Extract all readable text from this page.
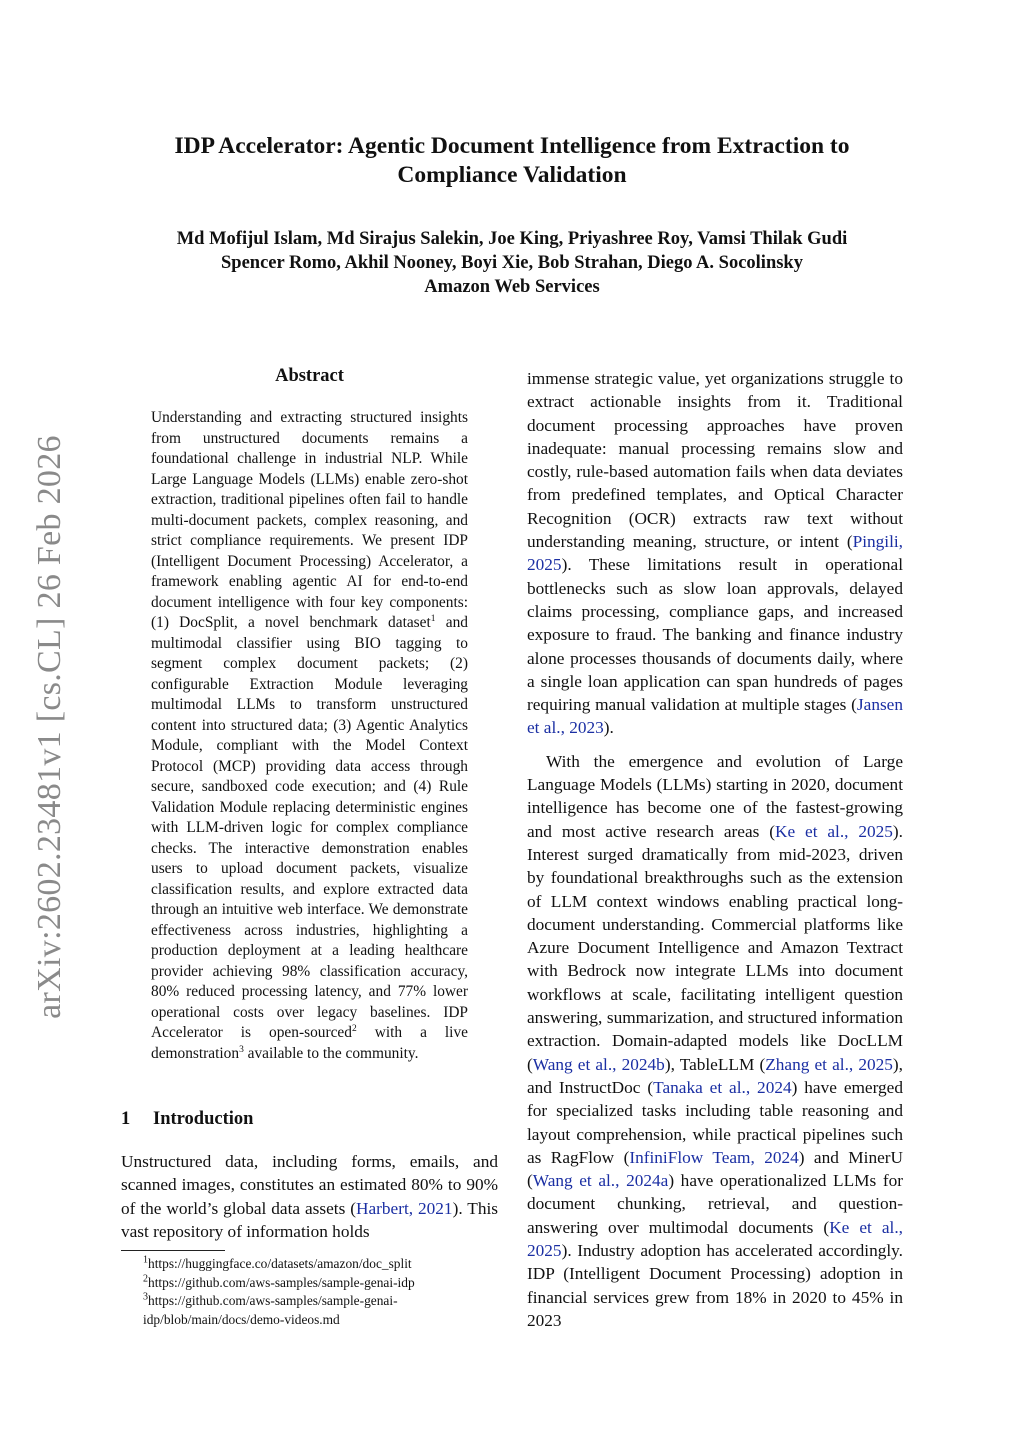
arXiv:2602.23481v1 [cs.CL] 26 Feb 2026
IDP Accelerator: Agentic Document Intelligence from Extraction to
Compliance Validation
Md Mofijul Islam, Md Sirajus Salekin, Joe King, Priyashree Roy, Vamsi Thilak Gudi
Spencer Romo, Akhil Nooney, Boyi Xie, Bob Strahan, Diego A. Socolinsky
Amazon Web Services
Abstract
Understanding and extracting structured insights from unstructured documents remains a foundational challenge in industrial NLP. While Large Language Models (LLMs) enable zero-shot extraction, traditional pipelines often fail to handle multi-document packets, complex reasoning, and strict compliance requirements. We present IDP (Intelligent Document Processing) Accelerator, a framework enabling agentic AI for end-to-end document intelligence with four key components: (1) DocSplit, a novel benchmark dataset$^1$ and multimodal classifier using BIO tagging to segment complex document packets; (2) configurable Extraction Module leveraging multimodal LLMs to transform unstructured content into structured data; (3) Agentic Analytics Module, compliant with the Model Context Protocol (MCP) providing data access through secure, sandboxed code execution; and (4) Rule Validation Module replacing deterministic engines with LLM-driven logic for complex compliance checks. The interactive demonstration enables users to upload document packets, visualize classification results, and explore extracted data through an intuitive web interface. We demonstrate effectiveness across industries, highlighting a production deployment at a leading healthcare provider achieving 98% classification accuracy, 80% reduced processing latency, and 77% lower operational costs over legacy baselines. IDP Accelerator is open-sourced$^2$ with a live demonstration$^3$ available to the community.
1 Introduction
Unstructured data, including forms, emails, and scanned images, constitutes an estimated 80% to 90% of the world’s global data assets (Harbert, 2021). This vast repository of information holds
$^1$https://huggingface.co/datasets/amazon/doc_split
$^2$https://github.com/aws-samples/sample-genai-idp
$^3$https://github.com/aws-samples/sample-genai-idp/blob/main/docs/demo-videos.md

immense strategic value, yet organizations struggle to extract actionable insights from it. Traditional document processing approaches have proven inadequate: manual processing remains slow and costly, rule-based automation fails when data deviates from predefined templates, and Optical Character Recognition (OCR) extracts raw text without understanding meaning, structure, or intent (Pingili, 2025). These limitations result in operational bottlenecks such as slow loan approvals, delayed claims processing, compliance gaps, and increased exposure to fraud. The banking and finance industry alone processes thousands of documents daily, where a single loan application can span hundreds of pages requiring manual validation at multiple stages (Jansen et al., 2023).

With the emergence and evolution of Large Language Models (LLMs) starting in 2020, document intelligence has become one of the fastest-growing and most active research areas (Ke et al., 2025). Interest surged dramatically from mid-2023, driven by foundational breakthroughs such as the extension of LLM context windows enabling practical long-document understanding. Commercial platforms like Azure Document Intelligence and Amazon Textract with Bedrock now integrate LLMs into document workflows at scale, facilitating intelligent question answering, summarization, and structured information extraction. Domain-adapted models like DocLLM (Wang et al., 2024b), TableLLM (Zhang et al., 2025), and InstructDoc (Tanaka et al., 2024) have emerged for specialized tasks including table reasoning and layout comprehension, while practical pipelines such as RagFlow (InfiniFlow Team, 2024) and MinerU (Wang et al., 2024a) have operationalized LLMs for document chunking, retrieval, and question-answering over multimodal documents (Ke et al., 2025). Industry adoption has accelerated accordingly. IDP (Intelligent Document Processing) adoption in financial services grew from 18% in 2020 to 45% in 2023
